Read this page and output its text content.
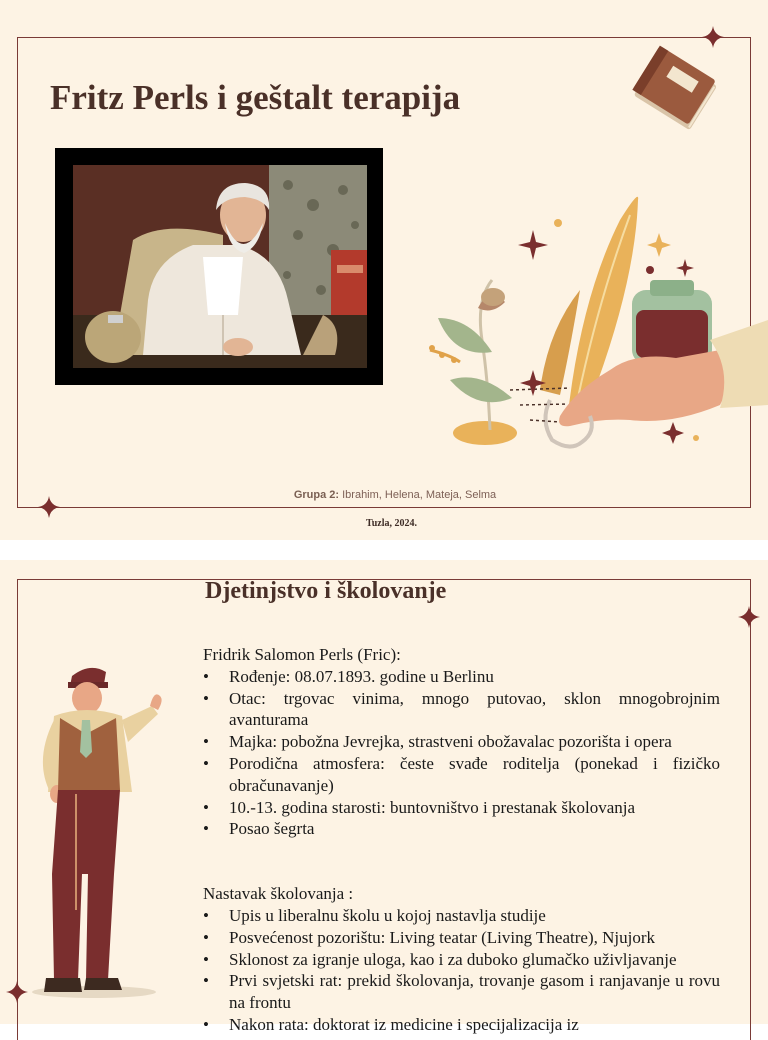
Fritz Perls i geštalt terapija
Grupa 2: Ibrahim, Helena, Mateja, Selma
Tuzla, 2024.
Djetinjstvo i školovanje

Fridrik Salomon Perls (Fric):

• Rođenje: 08.07.1893. godine u Berlinu
• Otac: trgovac vinima, mnogo putovao, sklon mnogobrojnim avanturama
• Majka: pobožna Jevrejka, strastveni obožavalac pozorišta i opera
• Porodična atmosfera: česte svađe roditelja (ponekad i fizičko obračunavanje)
• 10.-13. godina starosti: buntovništvo i prestanak školovanja
• Posao šegrta

Nastavak školovanja :

• Upis u liberalnu školu u kojoj nastavlja studije
• Posvećenost pozorištu: Living teatar (Living Theatre), Njujork
• Sklonost za igranje uloga, kao i za duboko glumačko uživljavanje
• Prvi svjetski rat: prekid školovanja, trovanje gasom i ranjavanje u rovu na frontu
• Nakon rata: doktorat iz medicine i specijalizacija iz
